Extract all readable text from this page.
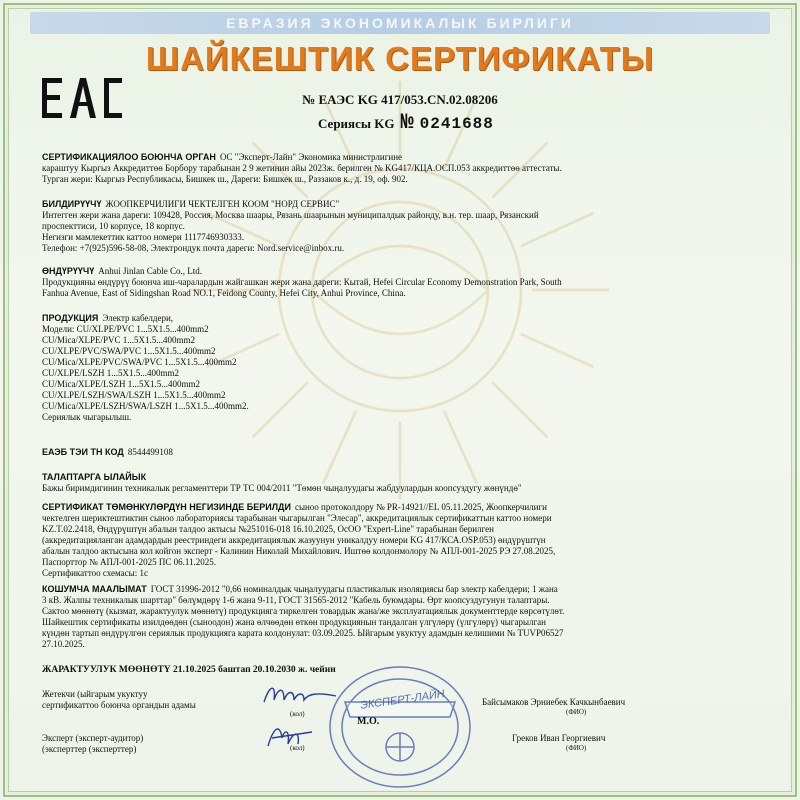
ЕВРАЗИЯ ЭКОНОМИКАЛЫК БИРЛИГИ
ШАЙКЕШТИК СЕРТИФИКАТЫ
№ ЕАЭС KG 417/053.CN.02.08206
Сериясы KG № 0241688
СЕРТИФИКАЦИЯЛОО БОЮНЧА ОРГАН ОС "Эксперт-Лайн" Экономика министрлигине
караштуу Кыргыз Аккредиттөө Борбору тарабынан 2 9 жетинин айы 2023ж. берилген № KG417/КЦА.ОСП.053 аккредиттөө аттестаты.
Турган жери: Кыргыз Республикасы, Бишкек ш., Дареги: Бишкек ш., Раззаков к., д. 19, оф. 902.
БИЛДИРҮҮЧҮ ЖООПКЕРЧИЛИГИ ЧЕКТЕЛГЕН КООМ "НОРД СЕРВИС"
Интегген жери жана дареги: 109428, Россия, Москва шаары, Рязань шаарынын муниципалдык районду, в.н. тер. шаар, Рязанский
проспекттиси, 10 корпусе, 18 корпус.
Негизги мамлекеттик каттоо номери 1117746930333.
Телефон: +7(925)596-58-08, Электрондук почта дареги: Nord.service@inbox.ru.
ӨНДҮРҮҮЧҮ Anhui Jinlan Cable Co., Ltd.
Продукцияны өндүрүү боюнча иш-чаралардын жайгашкан жери жана дареги: Кытай, Hefei Circular Economy Demonstration Park, South
Fanhua Avenue, East of Sidingshan Road NO.1, Feidong County, Hefei City, Anhui Province, China.
ПРОДУКЦИЯ Электр кабелдери,
Модели: CU/XLPE/PVC 1...5X1.5...400mm2
CU/Mica/XLPE/PVC 1...5X1.5...400mm2
CU/XLPE/PVC/SWA/PVC 1...5X1.5...400mm2
CU/Mica/XLPE/PVC/SWA/PVC 1...5X1.5...400mm2
CU/XLPE/LSZH 1...5X1.5...400mm2
CU/Mica/XLPE/LSZH 1...5X1.5...400mm2
CU/XLPE/LSZH/SWA/LSZH 1...5X1.5...400mm2
CU/Mica/XLPE/LSZH/SWA/LSZH 1...5X1.5...400mm2.
Сериялык чыгарылыш.
ЕАЭБ ТЭИ ТН КОД 8544499108
ТАЛАПТАРГА ЫЛАЙЫК
Бажы биримдигинин техникалык регламенттери ТР ТС 004/2011 "Төмөн чыңалуудагы жабдуулардын коопсуздугу жөнүндө"
СЕРТИФИКАТ ТӨМӨНКҮЛӨРДҮН НЕГИЗИНДЕ БЕРИЛДИ сыноо протоколдору № PR-14921//EL 05.11.2025, Жоопкерчилиги
чектелген шериктештиктин сыноо лабораториясы тарабынан чыгарылган "Элесар", аккредитациялык сертификаттын каттоо номери
KZ.T.02.2418, Өндүрүштүн абалын талдоо актысы №251016-018 16.10.2025, ОсОО "Expert-Line" тарабынан берилген
(аккредитацияланган адамдардын реестриндеги аккредитациялык жазуунун уникалдуу номери KG 417/КСА.OSP.053) өндүрүштүн
абалын талдоо актысына кол койгон эксперт - Калинин Николай Михайлович. Иштөө колдонмолору № АПЛ-001-2025 РЭ 27.08.2025,
Паспорттор № АПЛ-001-2025 ПС 06.11.2025.
Сертификаттоо схемасы: 1с
КОШУМЧА МААЛЫМАТ ГОСТ 31996-2012 "0,66 номиналдык чыңалуудагы пластикалык изоляциясы бар электр кабелдери; 1 жана
3 кВ. Жалпы техникалык шарттар" бөлүмдөрү 1-6 жана 9-11, ГОСТ 31565-2012 "Кабель буюмдары. Өрт коопсуздугунун талаптары.
Сактоо мөөнөтү (кызмат, жарактуулук мөөнөтү) продукцияга тиркелген товардык жана/же эксплуатациялык документтерде көрсөтүлөт.
Шайкештик сертификаты изилдөөдөн (сыноодон) жана өлчөөдөн өткөн продукциянын тандалган үлгүлөрү (үлгүлөрү) чыгарылган
күндөн тартып өндүрүлгөн сериялык продукцияга карата колдонулат: 03.09.2025. Ыйгарым укуктуу адамдын келишими № TUVP06527
27.10.2025.
ЖАРАКТУУЛУК МӨӨНӨТҮ 21.10.2025 баштап 20.10.2030 ж. чейин
ЭКСПЕРТ-ЛАЙН
Жетекчи (ыйгарым укуктуу
сертификаттоо боюнча органдын адамы
(кол)
М.О.
Байсымаков Эрниебек Качкынбаевич
(ФИО)
Эксперт (эксперт-аудитор)
(эксперттер (эксперттер)	(кол)
Греков Иван Георгиевич
(ФИО)
